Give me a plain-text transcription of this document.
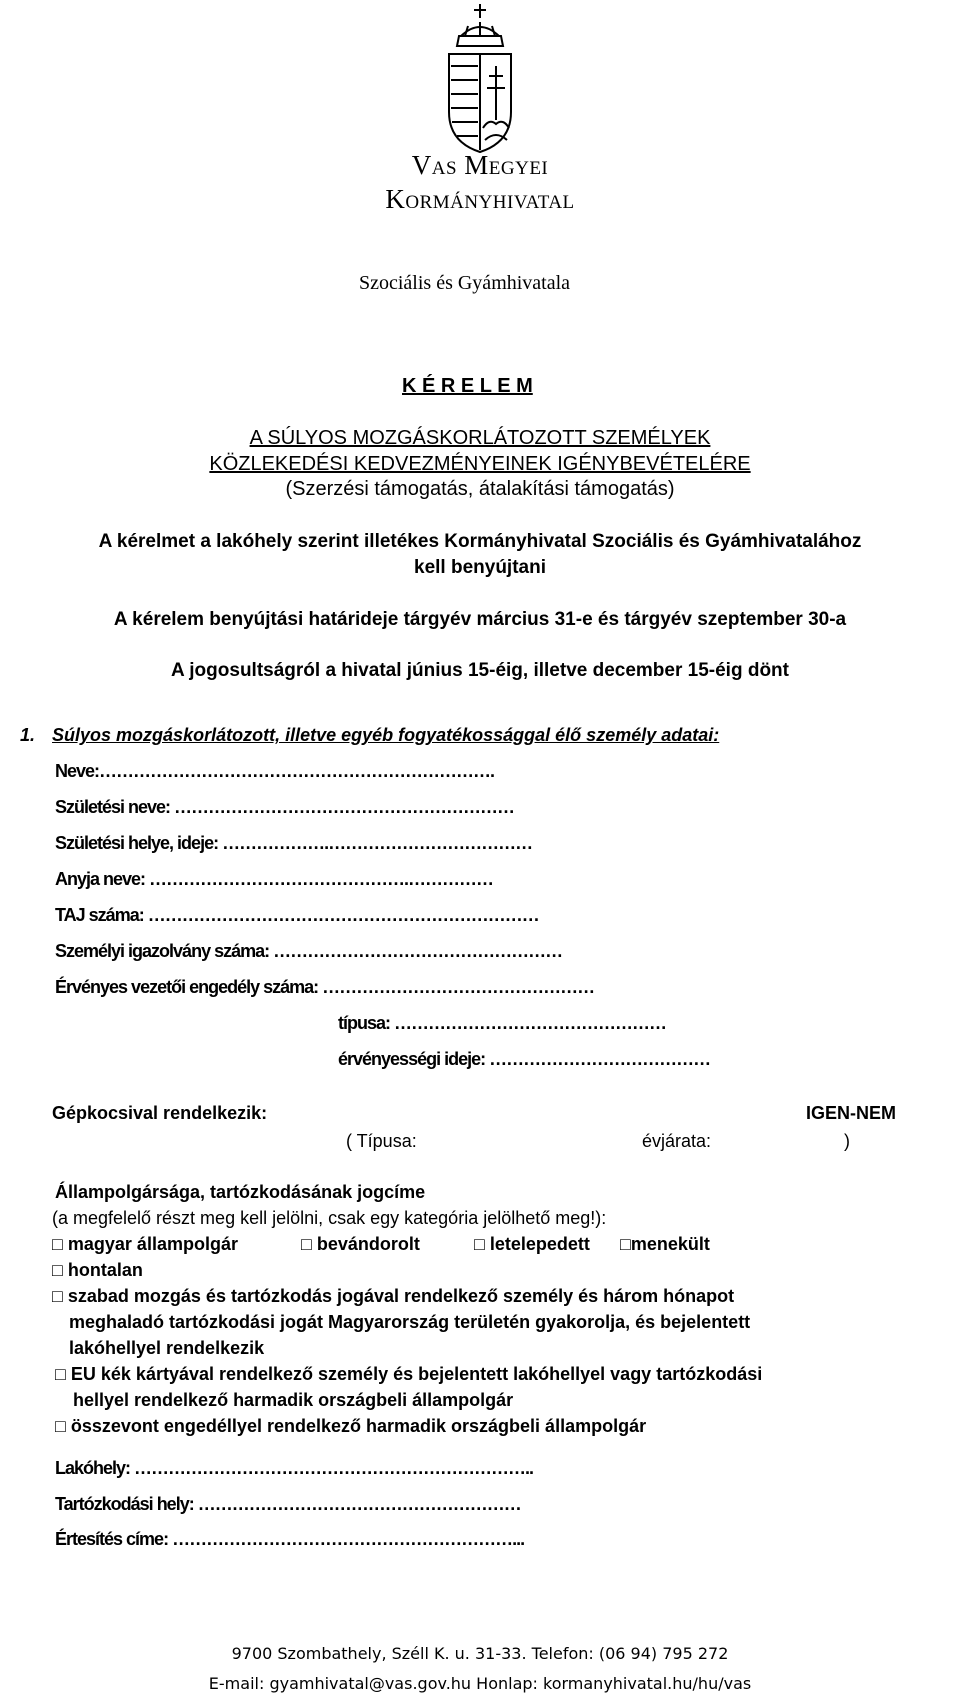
Vas Megyei
Kormányhivatal
Szociális és Gyámhivatala
K É R E L E M
A SÚLYOS MOZGÁSKORLÁTOZOTT SZEMÉLYEK
KÖZLEKEDÉSI KEDVEZMÉNYEINEK IGÉNYBEVÉTELÉRE
(Szerzési támogatás, átalakítási támogatás)
A kérelmet a lakóhely szerint illetékes Kormányhivatal Szociális és Gyámhivatalához
kell benyújtani
A kérelem benyújtási határideje tárgyév március 31-e és tárgyév szeptember 30-a
A jogosultságról a hivatal június 15-éig, illetve december 15-éig dönt
1. Súlyos mozgáskorlátozott, illetve egyéb fogyatékossággal élő személy adatai:
Neve:…………………………………………………………….
Születési neve: ……………………………………………………
Születési helye, ideje: ……………….………………………………
Anyja neve: ……………………………………….……………
TAJ száma: ……………………………………………………………
Személyi igazolvány száma: ……………………………………………
Érvényes vezetői engedély száma: …………………………………………
típusa: …………………………………………
érvényességi ideje: …………………………………
Gépkocsival rendelkezik:	IGEN-NEM
( Típusa:	évjárata:	)
Állampolgársága, tartózkodásának jogcíme
(a megfelelő részt meg kell jelölni, csak egy kategória jelölhető meg!):
□ magyar állampolgár	□ bevándorolt	□ letelepedett □menekült
□ hontalan
□ szabad mozgás és tartózkodás jogával rendelkező személy és három hónapot
meghaladó tartózkodási jogát Magyarország területén gyakorolja, és bejelentett
lakóhellyel rendelkezik
□ EU kék kártyával rendelkező személy és bejelentett lakóhellyel vagy tartózkodási
hellyel rendelkező harmadik országbeli állampolgár
□ összevont engedéllyel rendelkező harmadik országbeli állampolgár
Lakóhely: ……………………………………………………………..
Tartózkodási hely: …………………………………………………
Értesítés címe: ……………………………………………………...
9700 Szombathely, Széll K. u. 31-33. Telefon: (06 94) 795 272
E-mail: gyamhivatal@vas.gov.hu Honlap: kormanyhivatal.hu/hu/vas
